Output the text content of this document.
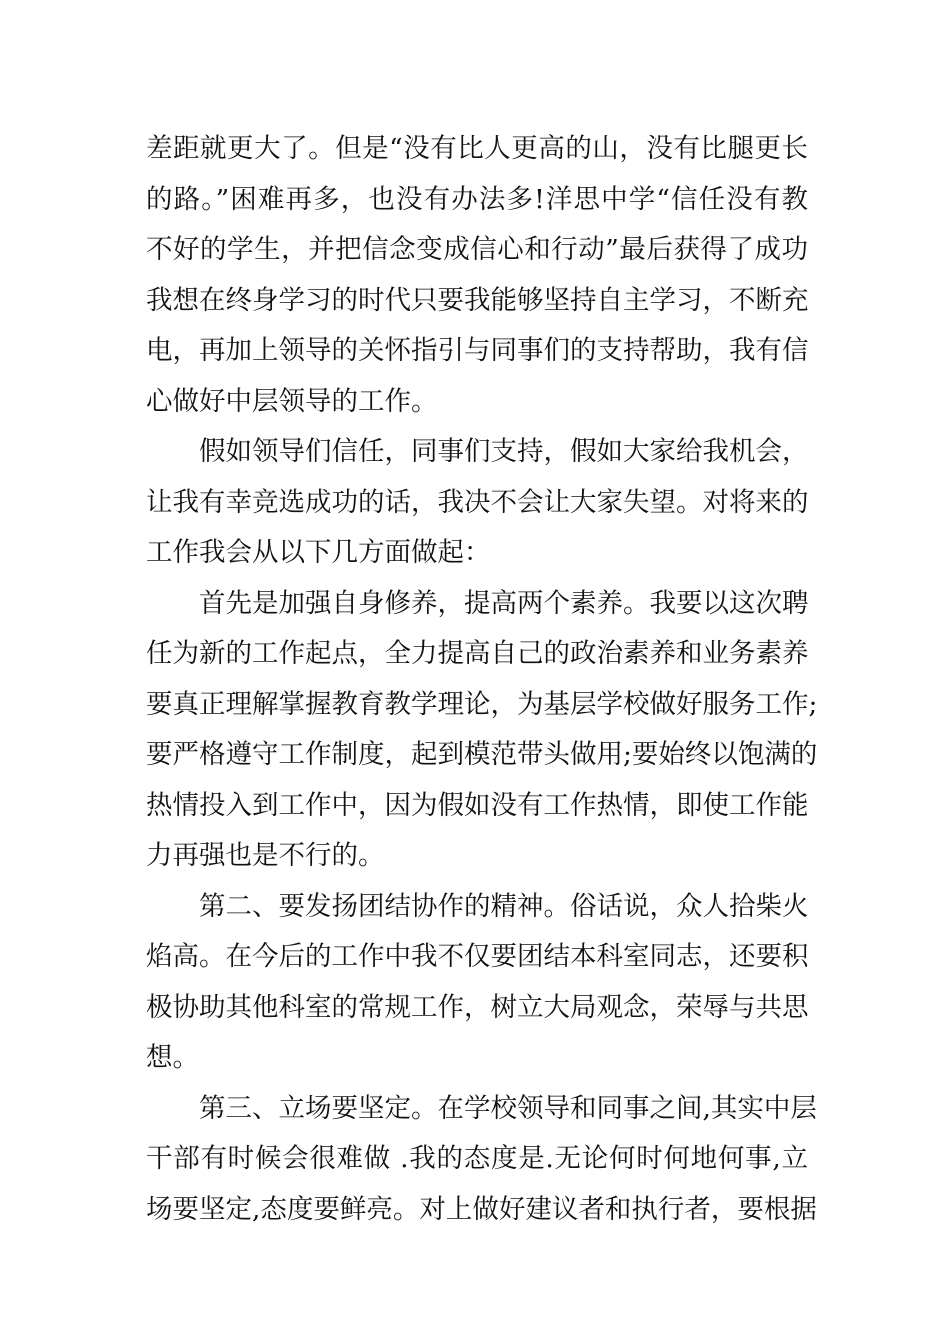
差距就更大了。但是“没有比人更高的山，没有比腿更长
的路。”困难再多，也没有办法多!洋思中学“信任没有教
不好的学生，并把信念变成信心和行动”最后获得了成功
我想在终身学习的时代只要我能够坚持自主学习，不断充
电，再加上领导的关怀指引与同事们的支持帮助，我有信
心做好中层领导的工作。
假如领导们信任，同事们支持，假如大家给我机会，
让我有幸竞选成功的话，我决不会让大家失望。对将来的
工作我会从以下几方面做起：
首先是加强自身修养，提高两个素养。我要以这次聘
任为新的工作起点，全力提高自己的政治素养和业务素养
要真正理解掌握教育教学理论，为基层学校做好服务工作;
要严格遵守工作制度，起到模范带头做用;要始终以饱满的
热情投入到工作中，因为假如没有工作热情，即使工作能
力再强也是不行的。
第二、要发扬团结协作的精神。俗话说，众人拾柴火
焰高。在今后的工作中我不仅要团结本科室同志，还要积
极协助其他科室的常规工作，树立大局观念，荣辱与共思
想。
第三、立场要坚定。在学校领导和同事之间,其实中层
干部有时候会很难做 .我的态度是.无论何时何地何事,立
场要坚定,态度要鲜亮。对上做好建议者和执行者，要根据
